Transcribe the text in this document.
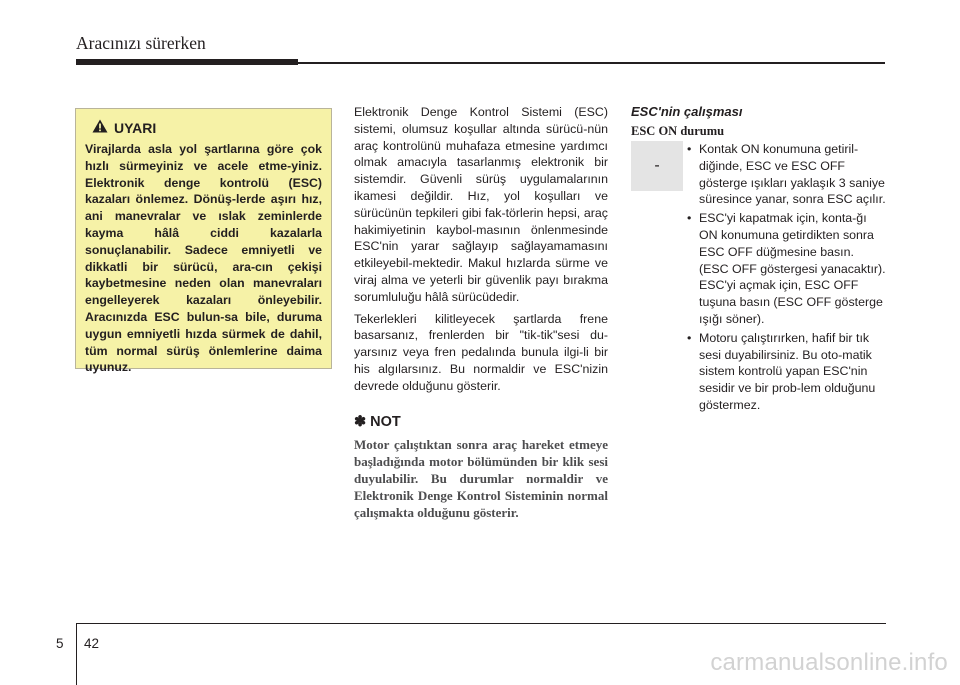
Aracınızı sürerken
UYARI
Virajlarda asla yol şartlarına göre çok hızlı sürmeyiniz ve acele etme-yiniz. Elektronik denge kontrolü (ESC) kazaları önlemez. Dönüş-lerde aşırı hız, ani manevralar ve ıslak zeminlerde kayma hâlâ ciddi kazalarla sonuçlanabilir. Sadece emniyetli ve dikkatli bir sürücü, ara-cın çekişi kaybetmesine neden olan manevraları engelleyerek kazaları önleyebilir. Aracınızda ESC bulun-sa bile, duruma uygun emniyetli hızda sürmek de dahil, tüm normal sürüş önlemlerine daima uyunuz.

Elektronik Denge Kontrol Sistemi (ESC) sistemi, olumsuz koşullar altında sürücü-nün araç kontrolünü muhafaza etmesine yardımcı olmak amacıyla tasarlanmış elektronik bir sistemdir. Güvenli sürüş uygulamalarının ikamesi değildir. Hız, yol koşulları ve sürücünün tepkileri gibi fak-törlerin hepsi, araç hakimiyetinin kaybol-masının önlenmesinde ESC'nin yarar sağlayıp sağlayamamasını etkileyebil-mektedir. Makul hızlarda sürme ve viraj alma ve yeterli bir güvenlik payı bırakma sorumluluğu hâlâ sürücüdedir.

Tekerlekleri kilitleyecek şartlarda frene basarsanız, frenlerden bir "tik-tik"sesi du-yarsınız veya fren pedalında bunula ilgi-li bir his algılarsınız. Bu normaldir ve ESC'nizin devrede olduğunu gösterir.

✽ NOT
Motor çalıştıktan sonra araç hareket etmeye başladığında motor bölümünden bir klik sesi duyulabilir. Bu durumlar normaldir ve Elektronik Denge Kontrol Sisteminin normal çalışmakta olduğunu gösterir.
ESC'nin çalışması
ESC ON durumu
-
• Kontak ON konumuna getiril-diğinde, ESC ve ESC OFF gösterge ışıkları yaklaşık 3 saniye süresince yanar, sonra ESC açılır.
• ESC'yi kapatmak için, konta-ğı ON konumuna getirdikten sonra ESC OFF düğmesine basın. (ESC OFF göstergesi yanacaktır). ESC'yi açmak için, ESC OFF tuşuna basın (ESC OFF gösterge ışığı söner).
• Motoru çalıştırırken, hafif bir tık sesi duyabilirsiniz. Bu oto-matik sistem kontrolü yapan ESC'nin sesidir ve bir prob-lem olduğunu göstermez.
5 42
carmanualsonline.info
